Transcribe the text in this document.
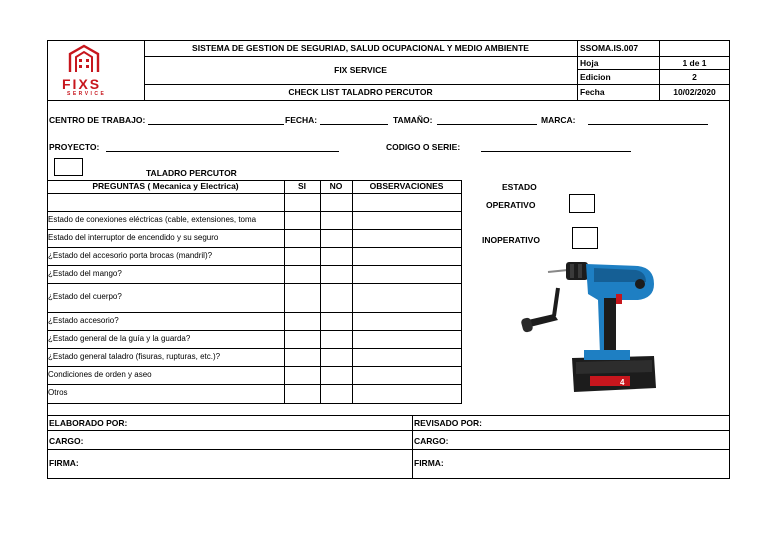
FIXS
SERVICE
SISTEMA DE GESTION DE SEGURIAD, SALUD OCUPACIONAL Y MEDIO AMBIENTE
FIX SERVICE
CHECK LIST TALADRO PERCUTOR
SSOMA.IS.007
Hoja	1 de 1
Edicion	2
Fecha	10/02/2020
CENTRO DE TRABAJO:	FECHA:	TAMAÑO:	MARCA:
PROYECTO:	CODIGO O SERIE:
TALADRO PERCUTOR
PREGUNTAS ( Mecanica y Electrica)	SI	NO	OBSERVACIONES
Estado de conexiones eléctricas (cable, extensiones, toma
Estado del interruptor de encendido y su seguro
¿Estado del accesorio porta brocas (mandril)?
¿Estado del mango?
¿Estado del cuerpo?
¿Estado accesorio?
¿Estado general de la guía y la guarda?
¿Estado general taladro (fisuras, rupturas, etc.)?
Condiciones de orden y aseo
Otros
ESTADO
OPERATIVO
INOPERATIVO
4
ELABORADO POR:	REVISADO POR:
CARGO:	CARGO:
FIRMA:	FIRMA:
